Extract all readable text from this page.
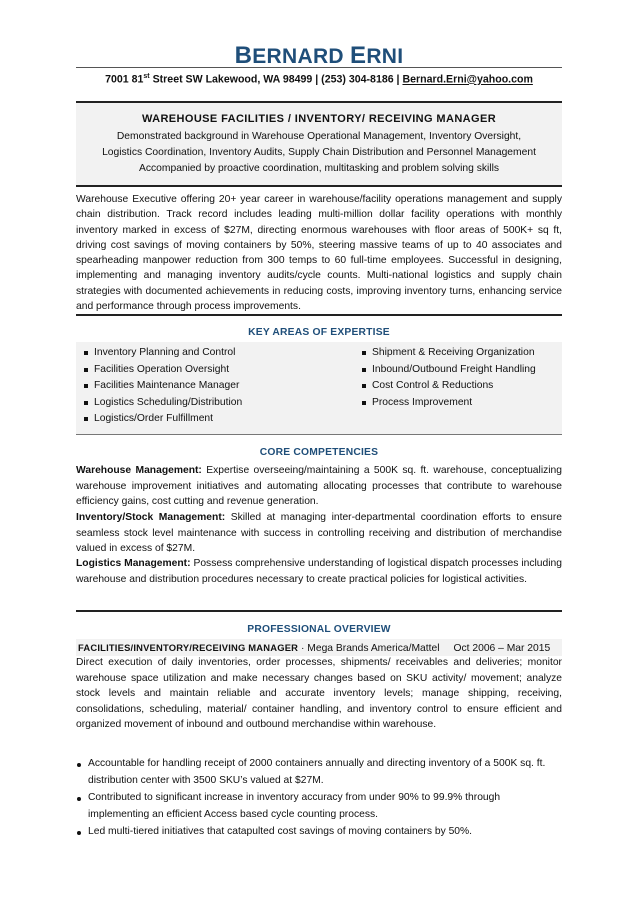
BERNARD ERNI
7001 81st Street SW Lakewood, WA 98499 | (253) 304-8186 | Bernard.Erni@yahoo.com
WAREHOUSE FACILITIES / INVENTORY/ RECEIVING MANAGER
Demonstrated background in Warehouse Operational Management, Inventory Oversight,
Logistics Coordination, Inventory Audits, Supply Chain Distribution and Personnel Management
Accompanied by proactive coordination, multitasking and problem solving skills
Warehouse Executive offering 20+ year career in warehouse/facility operations management and supply chain distribution. Track record includes leading multi-million dollar facility operations with monthly inventory marked in excess of $27M, directing enormous warehouses with floor areas of 500K+ sq ft, driving cost savings of moving containers by 50%, steering massive teams of up to 40 associates and spearheading manpower reduction from 300 temps to 60 full-time employees. Successful in designing, implementing and managing inventory audits/cycle counts. Multi-national logistics and supply chain strategies with documented achievements in reducing costs, improving inventory turns, enhancing service and performance through process improvements.
KEY AREAS OF EXPERTISE
Inventory Planning and Control
Facilities Operation Oversight
Facilities Maintenance Manager
Logistics Scheduling/Distribution
Logistics/Order Fulfillment
Shipment & Receiving Organization
Inbound/Outbound Freight Handling
Cost Control & Reductions
Process Improvement
CORE COMPETENCIES
Warehouse Management: Expertise overseeing/maintaining a 500K sq. ft. warehouse, conceptualizing warehouse improvement initiatives and automating allocating processes that contribute to warehouse efficiency gains, cost cutting and revenue generation.
Inventory/Stock Management: Skilled at managing inter-departmental coordination efforts to ensure seamless stock level maintenance with success in controlling receiving and distribution of merchandise valued in excess of $27M.
Logistics Management: Possess comprehensive understanding of logistical dispatch processes including warehouse and distribution procedures necessary to create practical policies for logistical activities.
PROFESSIONAL OVERVIEW
FACILITIES/INVENTORY/RECEIVING MANAGER · Mega Brands America/Mattel Oct 2006 – Mar 2015
Direct execution of daily inventories, order processes, shipments/ receivables and deliveries; monitor warehouse space utilization and make necessary changes based on SKU activity/ movement; analyze stock levels and maintain reliable and accurate inventory levels; manage shipping, receiving, consolidations, scheduling, material/ container handling, and inventory control to ensure efficient and organized movement of inbound and outbound merchandise within warehouse.
Accountable for handling receipt of 2000 containers annually and directing inventory of a 500K sq. ft. distribution center with 3500 SKU’s valued at $27M.
Contributed to significant increase in inventory accuracy from under 90% to 99.9% through implementing an efficient Access based cycle counting process.
Led multi-tiered initiatives that catapulted cost savings of moving containers by 50%.
